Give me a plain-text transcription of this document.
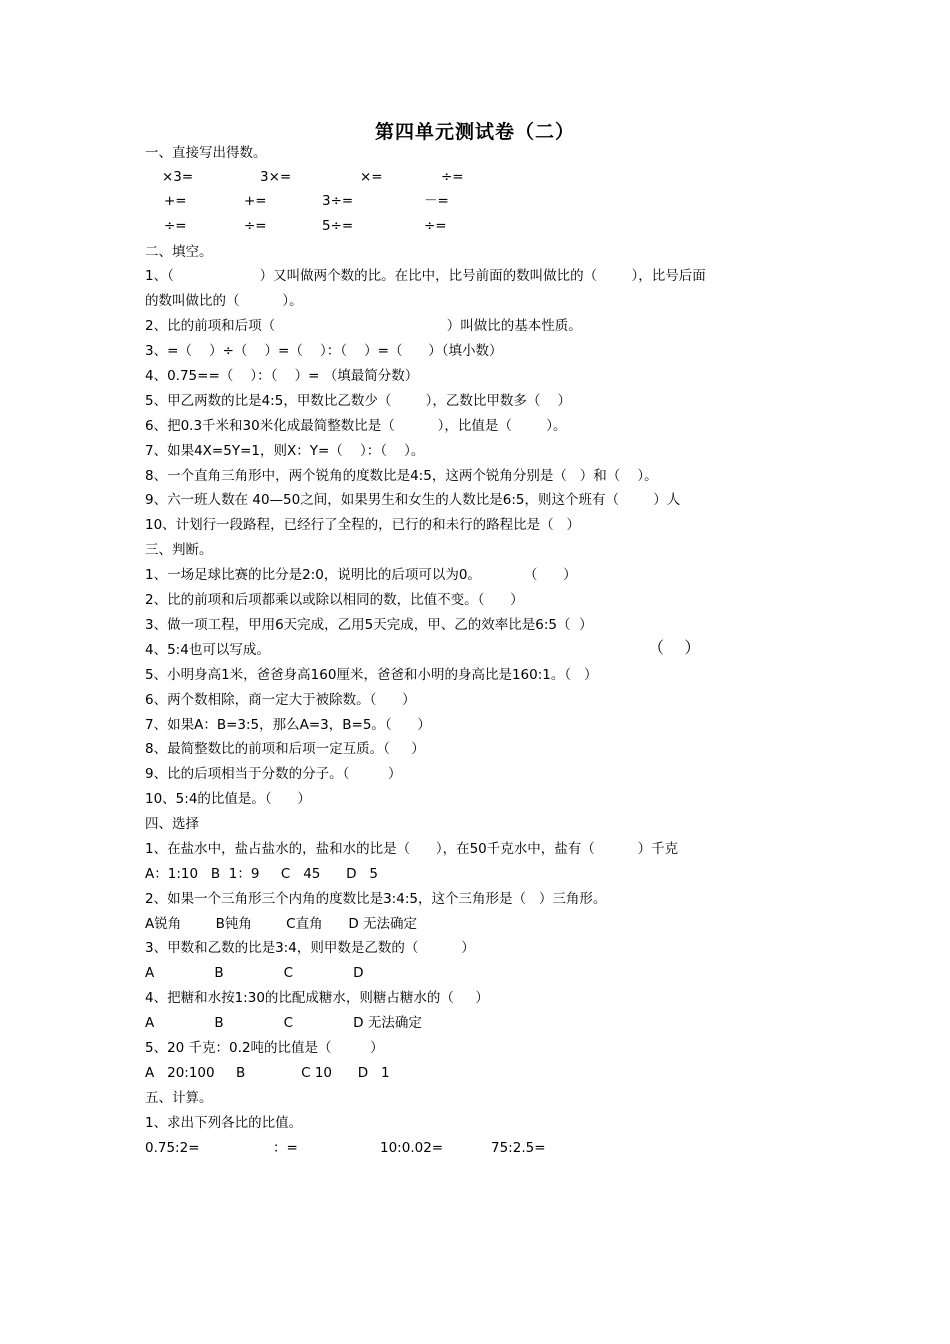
第四单元测试卷（二）
一、直接写出得数。
×3=	3×=	×=	÷=
+=	+=	3÷=	－=
÷=	÷=	5÷=	÷=
二、填空。
1、（                    ）又叫做两个数的比。在比中，比号前面的数叫做比的（        ），比号后面
的数叫做比的（          ）。
2、比的前项和后项（                                        ）叫做比的基本性质。
3、=（    ）÷（    ）=（    ）：（    ）=（      ）（填小数）
4、0.75==（    ）：（    ）= （填最简分数）
5、甲乙两数的比是4:5，甲数比乙数少（        ），乙数比甲数多（    ）
6、把0.3千米和30米化成最简整数比是（          ），比值是（        ）。
7、如果4X=5Y=1，则X：Y=（    ）：（    ）。
8、一个直角三角形中，两个锐角的度数比是4:5，这两个锐角分别是（   ）和（    ）。
9、六一班人数在 40—50之间，如果男生和女生的人数比是6:5，则这个班有（        ）人
10、计划行一段路程，已经行了全程的，已行的和未行的路程比是（   ）
三、判断。
1、一场足球比赛的比分是2:0，说明比的后项可以为0。          （      ）
2、比的前项和后项都乘以或除以相同的数，比值不变。（      ）
3、做一项工程，甲用6天完成，乙用5天完成，甲、乙的效率比是6:5（  ）
4、5:4也可以写成。	（    ）
5、小明身高1米，爸爸身高160厘米，爸爸和小明的身高比是160:1。（   ）
6、两个数相除，商一定大于被除数。（      ）
7、如果A：B=3:5，那么A=3，B=5。（      ）
8、最简整数比的前项和后项一定互质。（     ）
9、比的后项相当于分数的分子。（         ）
10、5:4的比值是。（      ）
四、选择
1、在盐水中，盐占盐水的，盐和水的比是（      ），在50千克水中，盐有（          ）千克
A：1:10   B  1：9     C   45      D   5
2、如果一个三角形三个内角的度数比是3:4:5，这个三角形是（   ）三角形。
A锐角        B钝角        C直角      D 无法确定
3、甲数和乙数的比是3:4，则甲数是乙数的（          ）
A              B              C              D
4、把糖和水按1:30的比配成糖水，则糖占糖水的（     ）
A              B              C              D 无法确定
5、20 千克：0.2吨的比值是（         ）
A   20:100     B             C 10      D   1
五、计算。
1、求出下列各比的比值。
0.75:2=	：=	10:0.02=	75:2.5=
